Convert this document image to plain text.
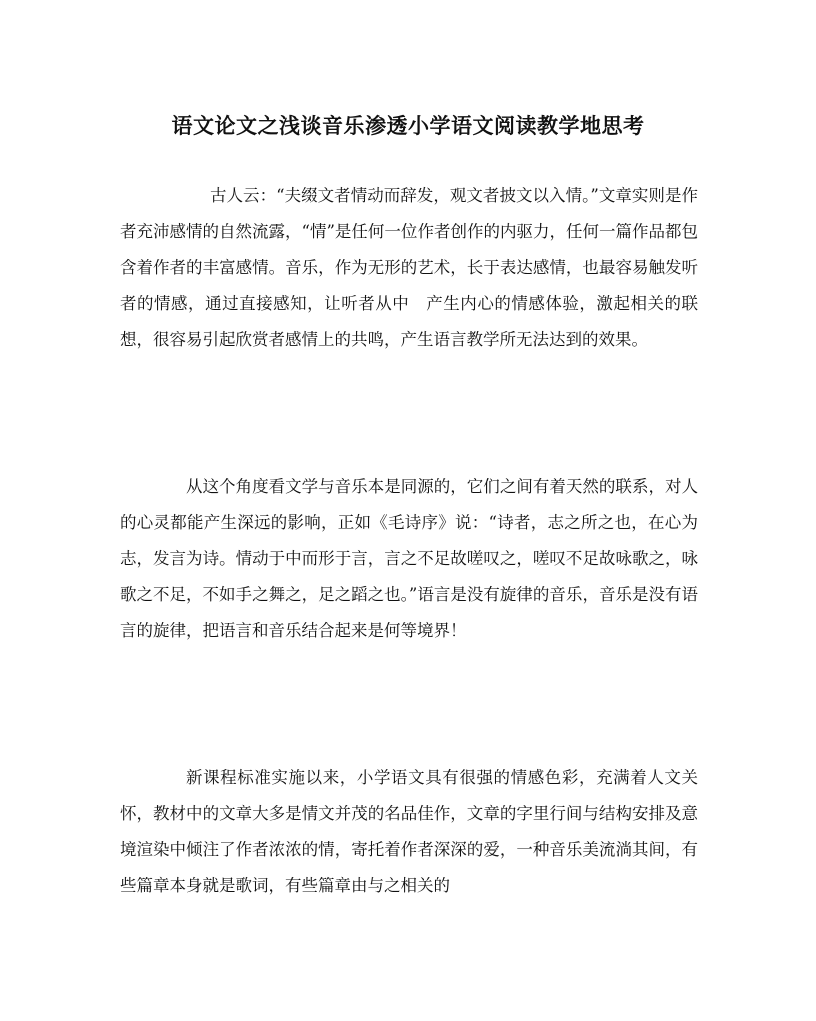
语文论文之浅谈音乐渗透小学语文阅读教学地思考
古人云：“夫缀文者情动而辞发，观文者披文以入情。”文章实则是作者充沛感情的自然流露，“情”是任何一位作者创作的内驱力，任何一篇作品都包含着作者的丰富感情。音乐，作为无形的艺术，长于表达感情，也最容易触发听者的情感，通过直接感知，让听者从中　产生内心的情感体验，激起相关的联想，很容易引起欣赏者感情上的共鸣，产生语言教学所无法达到的效果。
从这个角度看文学与音乐本是同源的，它们之间有着天然的联系，对人的心灵都能产生深远的影响，正如《毛诗序》说：“诗者，志之所之也，在心为志，发言为诗。情动于中而形于言，言之不足故嗟叹之，嗟叹不足故咏歌之，咏歌之不足，不如手之舞之，足之蹈之也。”语言是没有旋律的音乐，音乐是没有语言的旋律，把语言和音乐结合起来是何等境界！
新课程标准实施以来，小学语文具有很强的情感色彩，充满着人文关怀，教材中的文章大多是情文并茂的名品佳作，文章的字里行间与结构安排及意境渲染中倾注了作者浓浓的情，寄托着作者深深的爱，一种音乐美流淌其间，有些篇章本身就是歌词，有些篇章由与之相关的
